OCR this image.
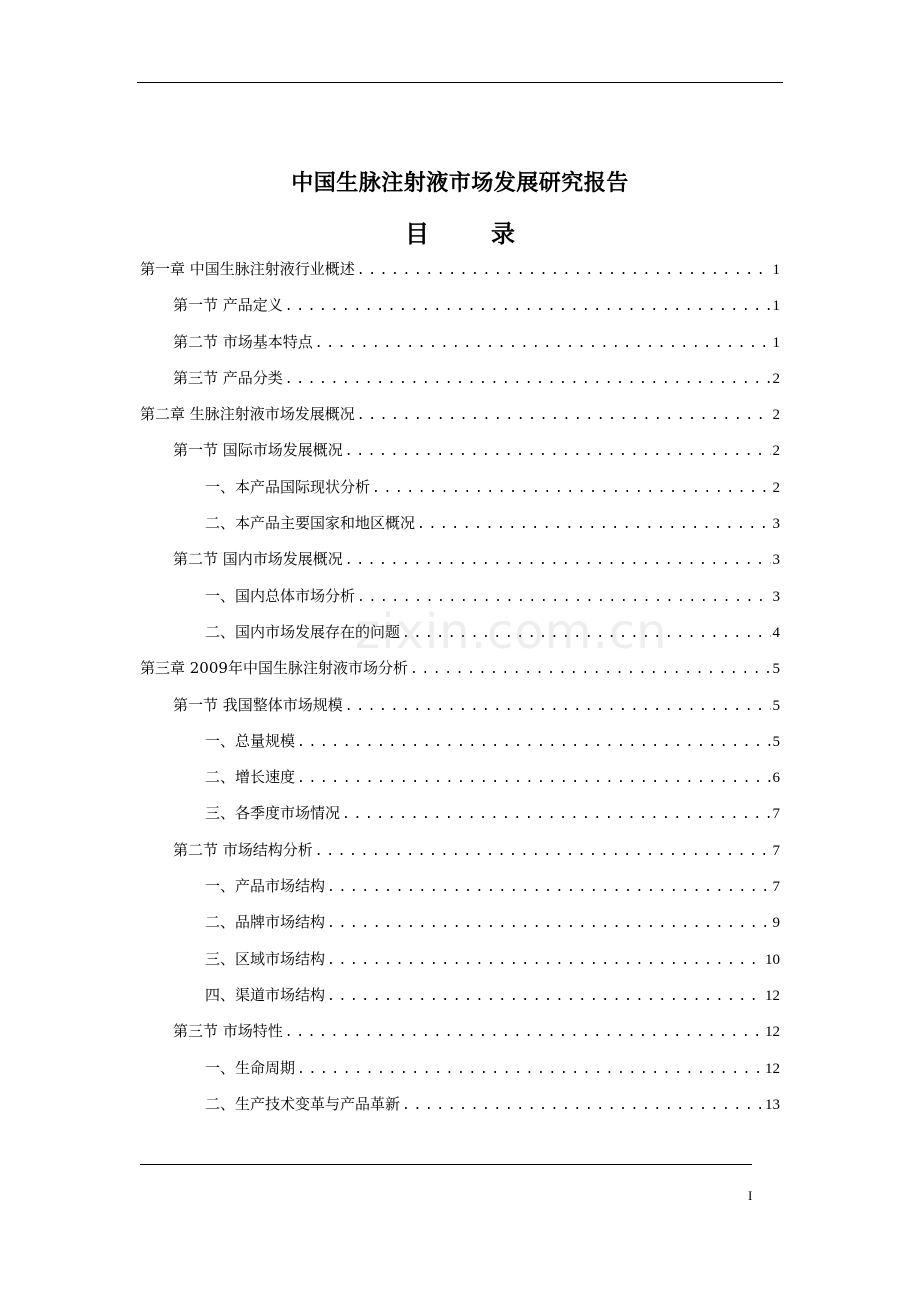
中国生脉注射液市场发展研究报告
目录
第一章 中国生脉注射液行业概述 .....	1
第一节 产品定义 .....	1
第二节 市场基本特点 .....	1
第三节 产品分类 .....	2
第二章 生脉注射液市场发展概况 .....	2
第一节 国际市场发展概况 .....	2
一、本产品国际现状分析 .....	2
二、本产品主要国家和地区概况 .....	3
第二节 国内市场发展概况 .....	3
一、国内总体市场分析 .....	3
二、国内市场发展存在的问题 .....	4
第三章 2009年中国生脉注射液市场分析 .....	5
第一节 我国整体市场规模 .....	5
一、总量规模 .....	5
二、增长速度 .....	6
三、各季度市场情况 .....	7
第二节 市场结构分析 .....	7
一、产品市场结构 .....	7
二、品牌市场结构 .....	9
三、区域市场结构 .....	10
四、渠道市场结构 .....	12
第三节 市场特性 .....	12
一、生命周期 .....	12
二、生产技术变革与产品革新 .....	13
zixin.com.cn
I
